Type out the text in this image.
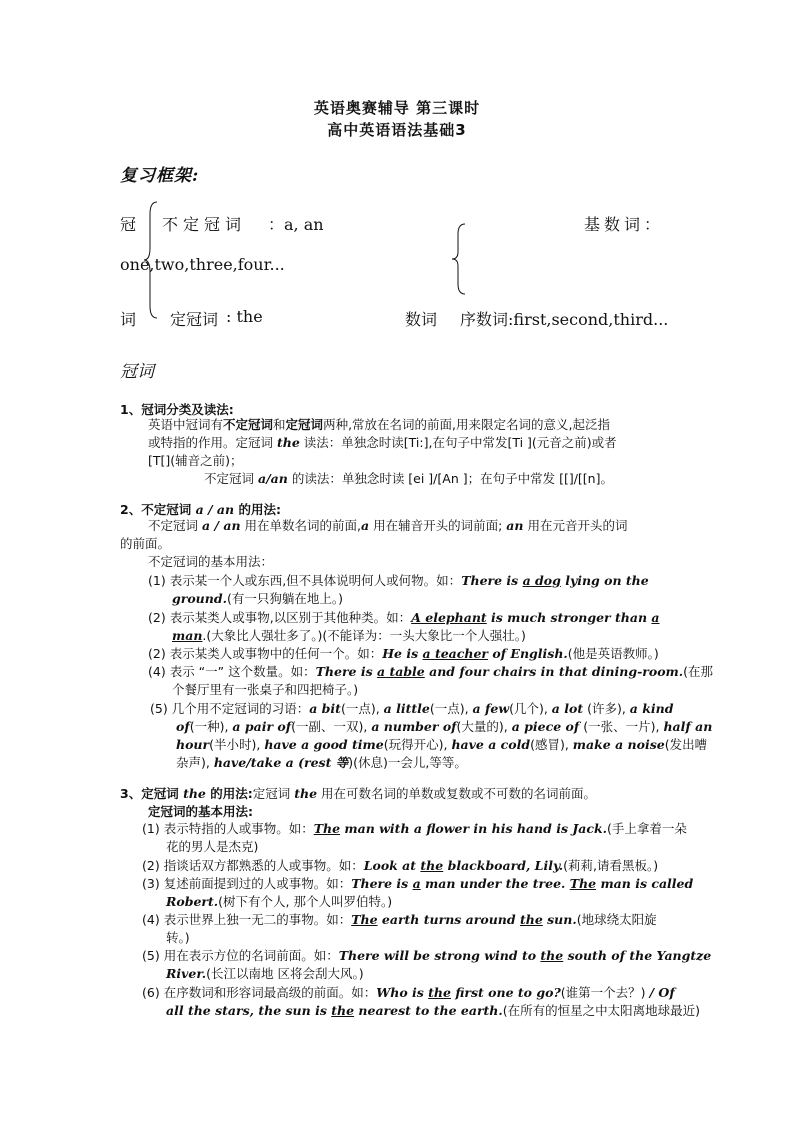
英语奥赛辅导 第三课时
高中英语语法基础3
复习框架:
冠 不定冠词 ：a, an	基数词：
one,two,three,four...
词 定冠词 : the	数词 序数词:first,second,third...
冠词
1、冠词分类及读法:
英语中冠词有不定冠词和定冠词两种,常放在名词的前面,用来限定名词的意义,起泛指
或特指的作用。定冠词 the 读法：单独念时读[Ti:],在句子中常发[Ti ](元音之前)或者
[T[](辅音之前)；
不定冠词 a/an 的读法：单独念时读 [ei ]/[An ]；在句子中常发 [[]/[[n]。
2、不定冠词 a / an 的用法:
不定冠词 a / an 用在单数名词的前面,a 用在辅音开头的词前面; an 用在元音开头的词
的前面。
不定冠词的基本用法：
(1) 表示某一个人或东西,但不具体说明何人或何物。如：There is a dog lying on the
ground.(有一只狗躺在地上。)
(2) 表示某类人或事物,以区别于其他种类。如：A elephant is much stronger than a
man.(大象比人强壮多了。)(不能译为：一头大象比一个人强壮。)
(2) 表示某类人或事物中的任何一个。如：He is a teacher of English.(他是英语教师。)
(4) 表示 “一” 这个数量。如：There is a table and four chairs in that dining-room.(在那
个餐厅里有一张桌子和四把椅子。)
(5) 几个用不定冠词的习语：a bit(一点), a little(一点), a few(几个), a lot (许多), a kind
of(一种), a pair of(一副、一双), a number of(大量的), a piece of (一张、一片), half an
hour(半小时), have a good time(玩得开心), have a cold(感冒), make a noise(发出嘈
杂声), have/take a (rest 等)(休息)一会儿,等等。
3、定冠词 the 的用法:定冠词 the 用在可数名词的单数或复数或不可数的名词前面。
定冠词的基本用法:
(1) 表示特指的人或事物。如：The man with a flower in his hand is Jack.(手上拿着一朵
花的男人是杰克)
(2) 指谈话双方都熟悉的人或事物。如：Look at the blackboard, Lily.(莉莉,请看黑板。)
(3) 复述前面提到过的人或事物。如：There is a man under the tree. The man is called
Robert.(树下有个人, 那个人叫罗伯特。)
(4) 表示世界上独一无二的事物。如：The earth turns around the sun.(地球绕太阳旋
转。)
(5) 用在表示方位的名词前面。如：There will be strong wind to the south of the Yangtze
River.(长江以南地 区将会刮大风。)
(6) 在序数词和形容词最高级的前面。如：Who is the first one to go?(谁第一个去？) / Of
all the stars, the sun is the nearest to the earth.(在所有的恒星之中太阳离地球最近)
